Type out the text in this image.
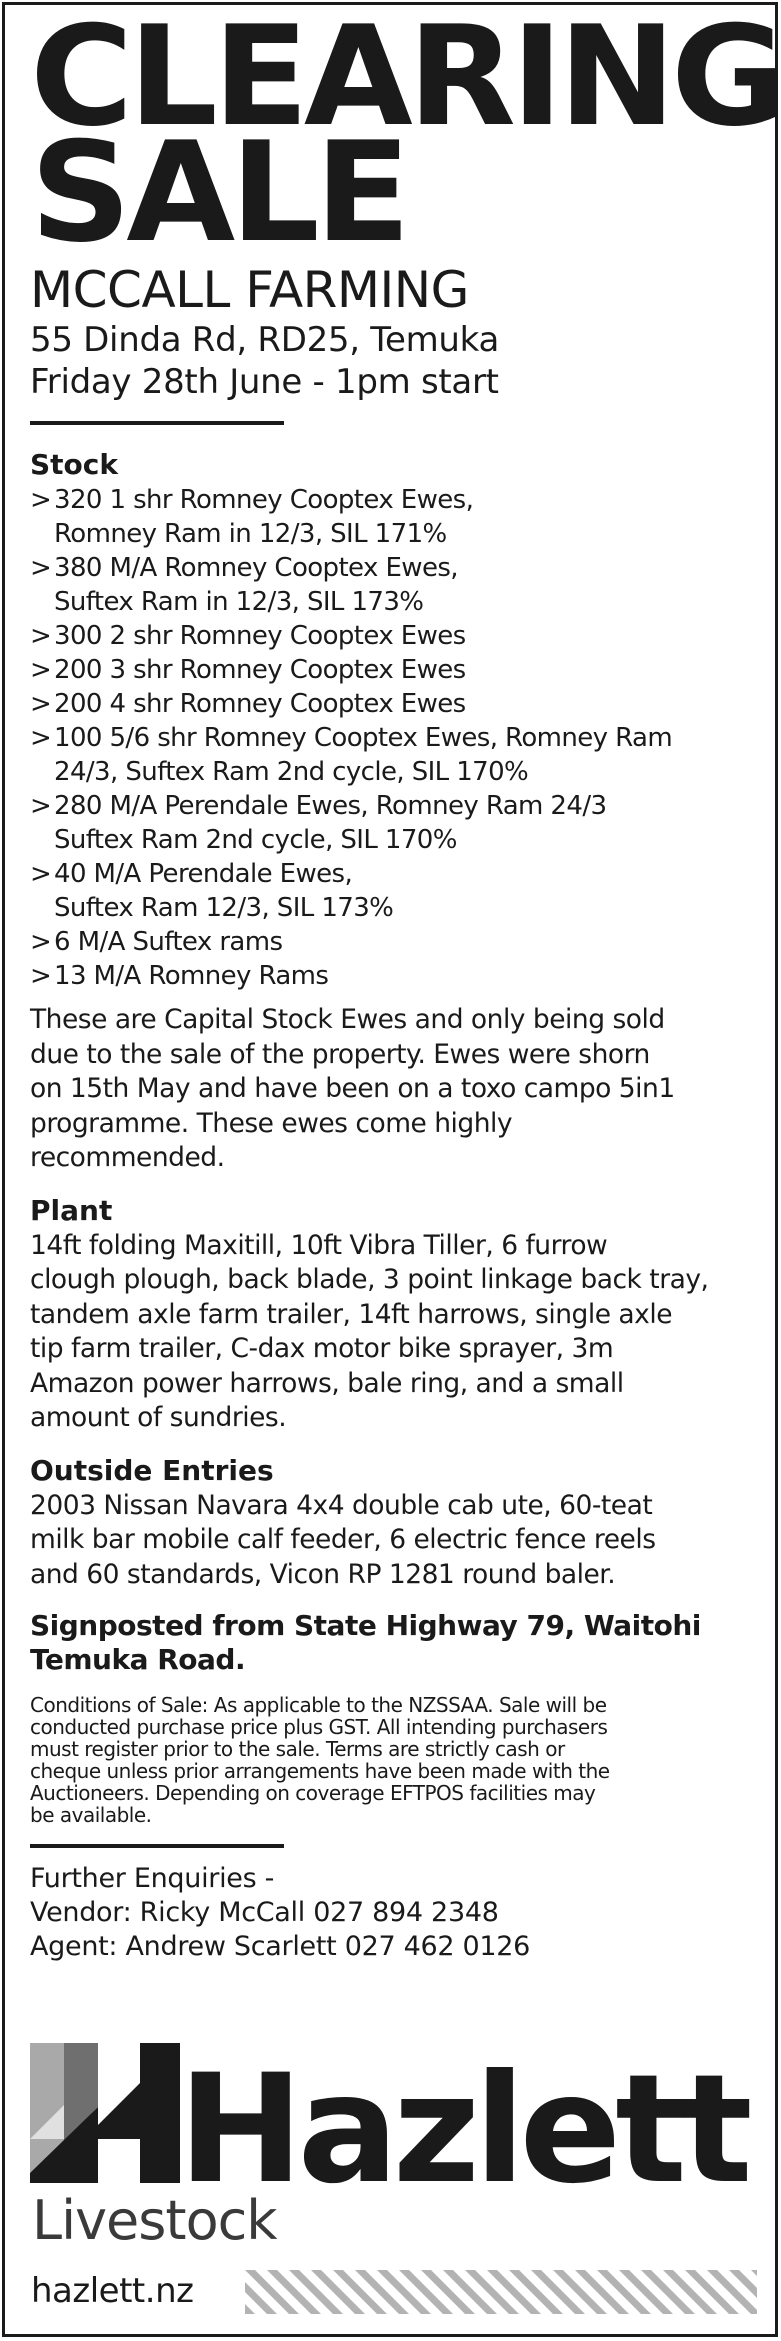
CLEARING
SALE
MCCALL FARMING
55 Dinda Rd, RD25, Temuka
Friday 28th June - 1pm start
Stock
> 320 1 shr Romney Cooptex Ewes,
Romney Ram in 12/3, SIL 171%
> 380 M/A Romney Cooptex Ewes,
Suftex Ram in 12/3, SIL 173%
> 300 2 shr Romney Cooptex Ewes
> 200 3 shr Romney Cooptex Ewes
> 200 4 shr Romney Cooptex Ewes
> 100 5/6 shr Romney Cooptex Ewes, Romney Ram
24/3, Suftex Ram 2nd cycle, SIL 170%
> 280 M/A Perendale Ewes, Romney Ram 24/3
Suftex Ram 2nd cycle, SIL 170%
> 40 M/A Perendale Ewes,
Suftex Ram 12/3, SIL 173%
> 6 M/A Suftex rams
> 13 M/A Romney Rams
These are Capital Stock Ewes and only being sold
due to the sale of the property. Ewes were shorn
on 15th May and have been on a toxo campo 5in1
programme. These ewes come highly
recommended.
Plant
14ft folding Maxitill, 10ft Vibra Tiller, 6 furrow
clough plough, back blade, 3 point linkage back tray,
tandem axle farm trailer, 14ft harrows, single axle
tip farm trailer, C-dax motor bike sprayer, 3m
Amazon power harrows, bale ring, and a small
amount of sundries.
Outside Entries
2003 Nissan Navara 4x4 double cab ute, 60-teat
milk bar mobile calf feeder, 6 electric fence reels
and 60 standards, Vicon RP 1281 round baler.
Signposted from State Highway 79, Waitohi
Temuka Road.
Conditions of Sale: As applicable to the NZSSAA. Sale will be
conducted purchase price plus GST. All intending purchasers
must register prior to the sale. Terms are strictly cash or
cheque unless prior arrangements have been made with the
Auctioneers. Depending on coverage EFTPOS facilities may
be available.
Further Enquiries -
Vendor: Ricky McCall 027 894 2348
Agent: Andrew Scarlett 027 462 0126
Hazlett
Livestock
hazlett.nz
